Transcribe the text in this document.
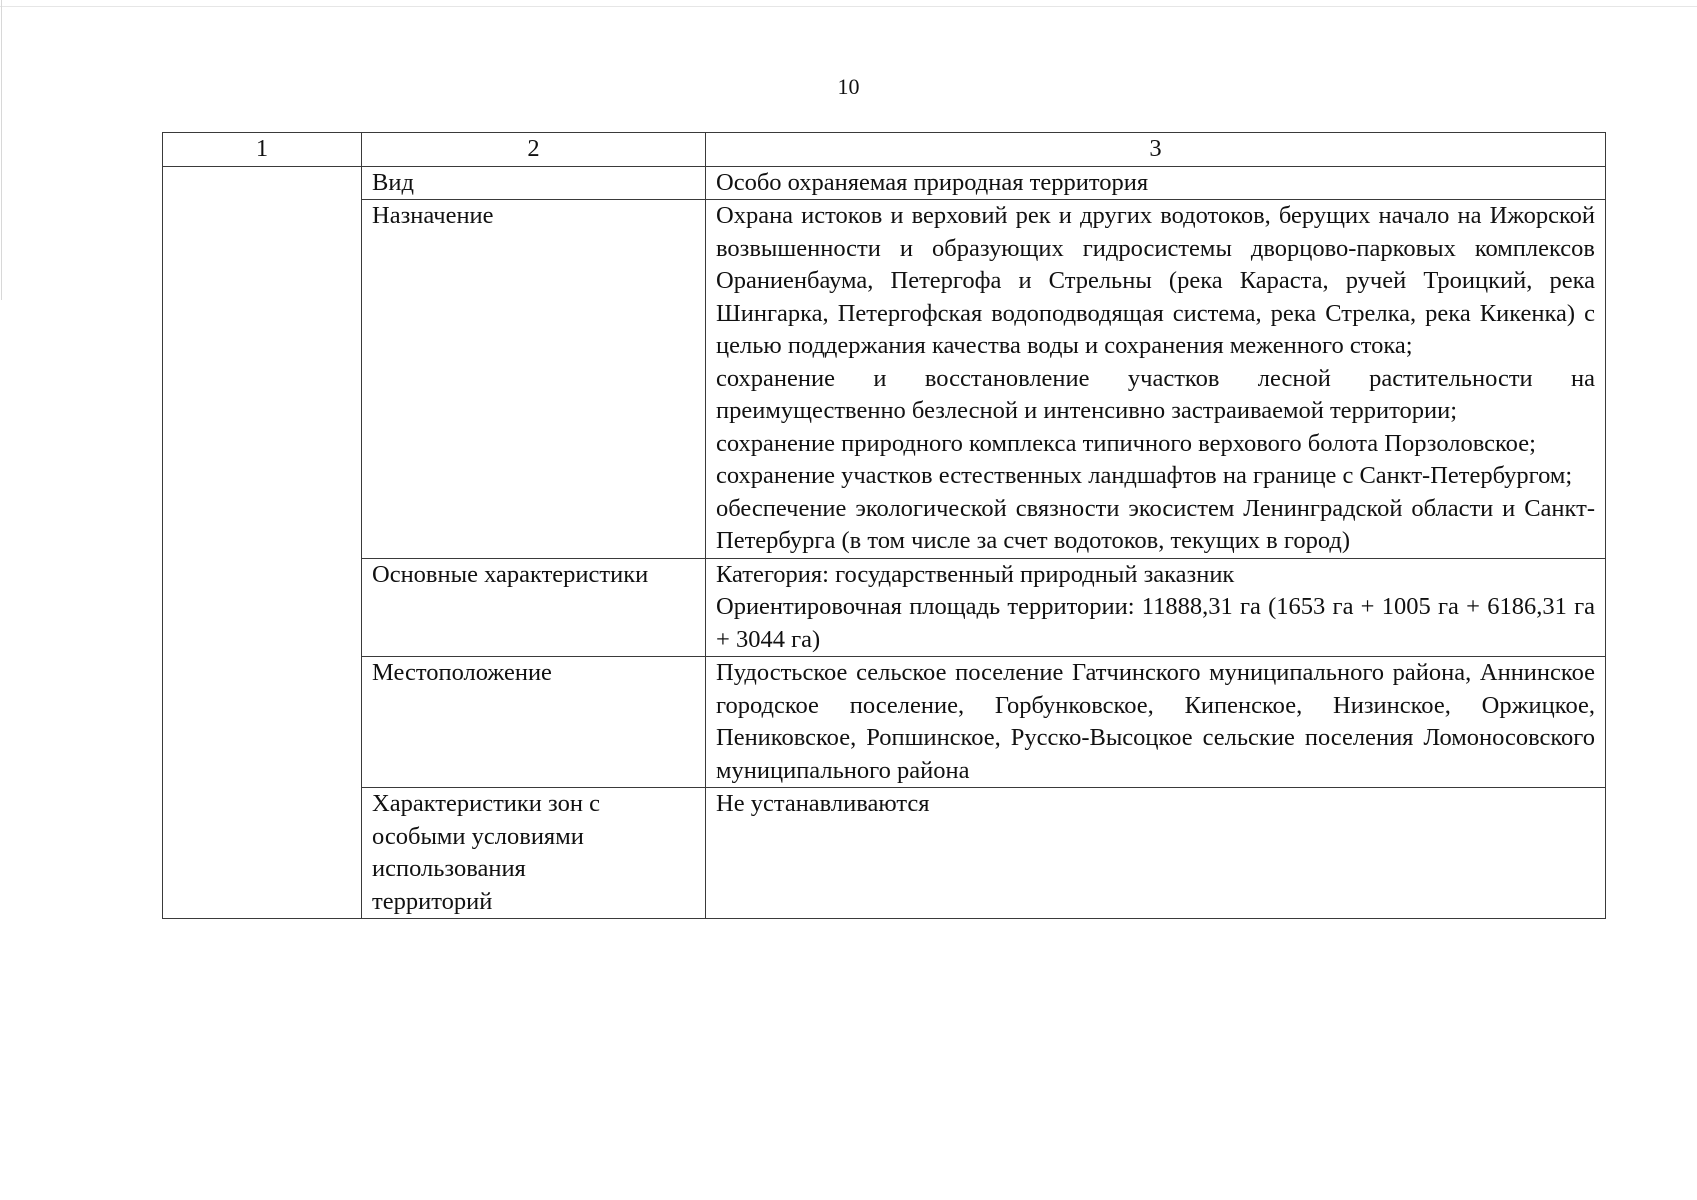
10
1	2	3
	Вид	Особо охраняемая природная территория
	Назначение	Охрана истоков и верховий рек и других водотоков, берущих начало на Ижорской возвышенности и образующих гидросистемы дворцово-парковых комплексов Ораниенбаума, Петергофа и Стрельны (река Караста, ручей Троицкий, река Шингарка, Петергофская водоподводящая система, река Стрелка, река Кикенка) с целью поддержания качества воды и сохранения меженного стока;
сохранение и восстановление участков лесной растительности на преимущественно безлесной и интенсивно застраиваемой территории;
сохранение природного комплекса типичного верхового болота Порзоловское;
сохранение участков естественных ландшафтов на границе с Санкт-Петербургом;
обеспечение экологической связности экосистем Ленинградской области и Санкт-Петербурга (в том числе за счет водотоков, текущих в город)

	Основные характеристики	Категория: государственный природный заказник
Ориентировочная площадь территории: 11888,31 га (1653 га + 1005 га + 6186,31 га + 3044 га)

	Местоположение	Пудостьское сельское поселение Гатчинского муниципального района, Аннинское городское поселение, Горбунковское, Кипенское, Низинское, Оржицкое, Пениковское, Ропшинское, Русско-Высоцкое сельские поселения Ломоносовского муниципального района
	Характеристики зон с особыми условиями использования территорий	Не устанавливаются
